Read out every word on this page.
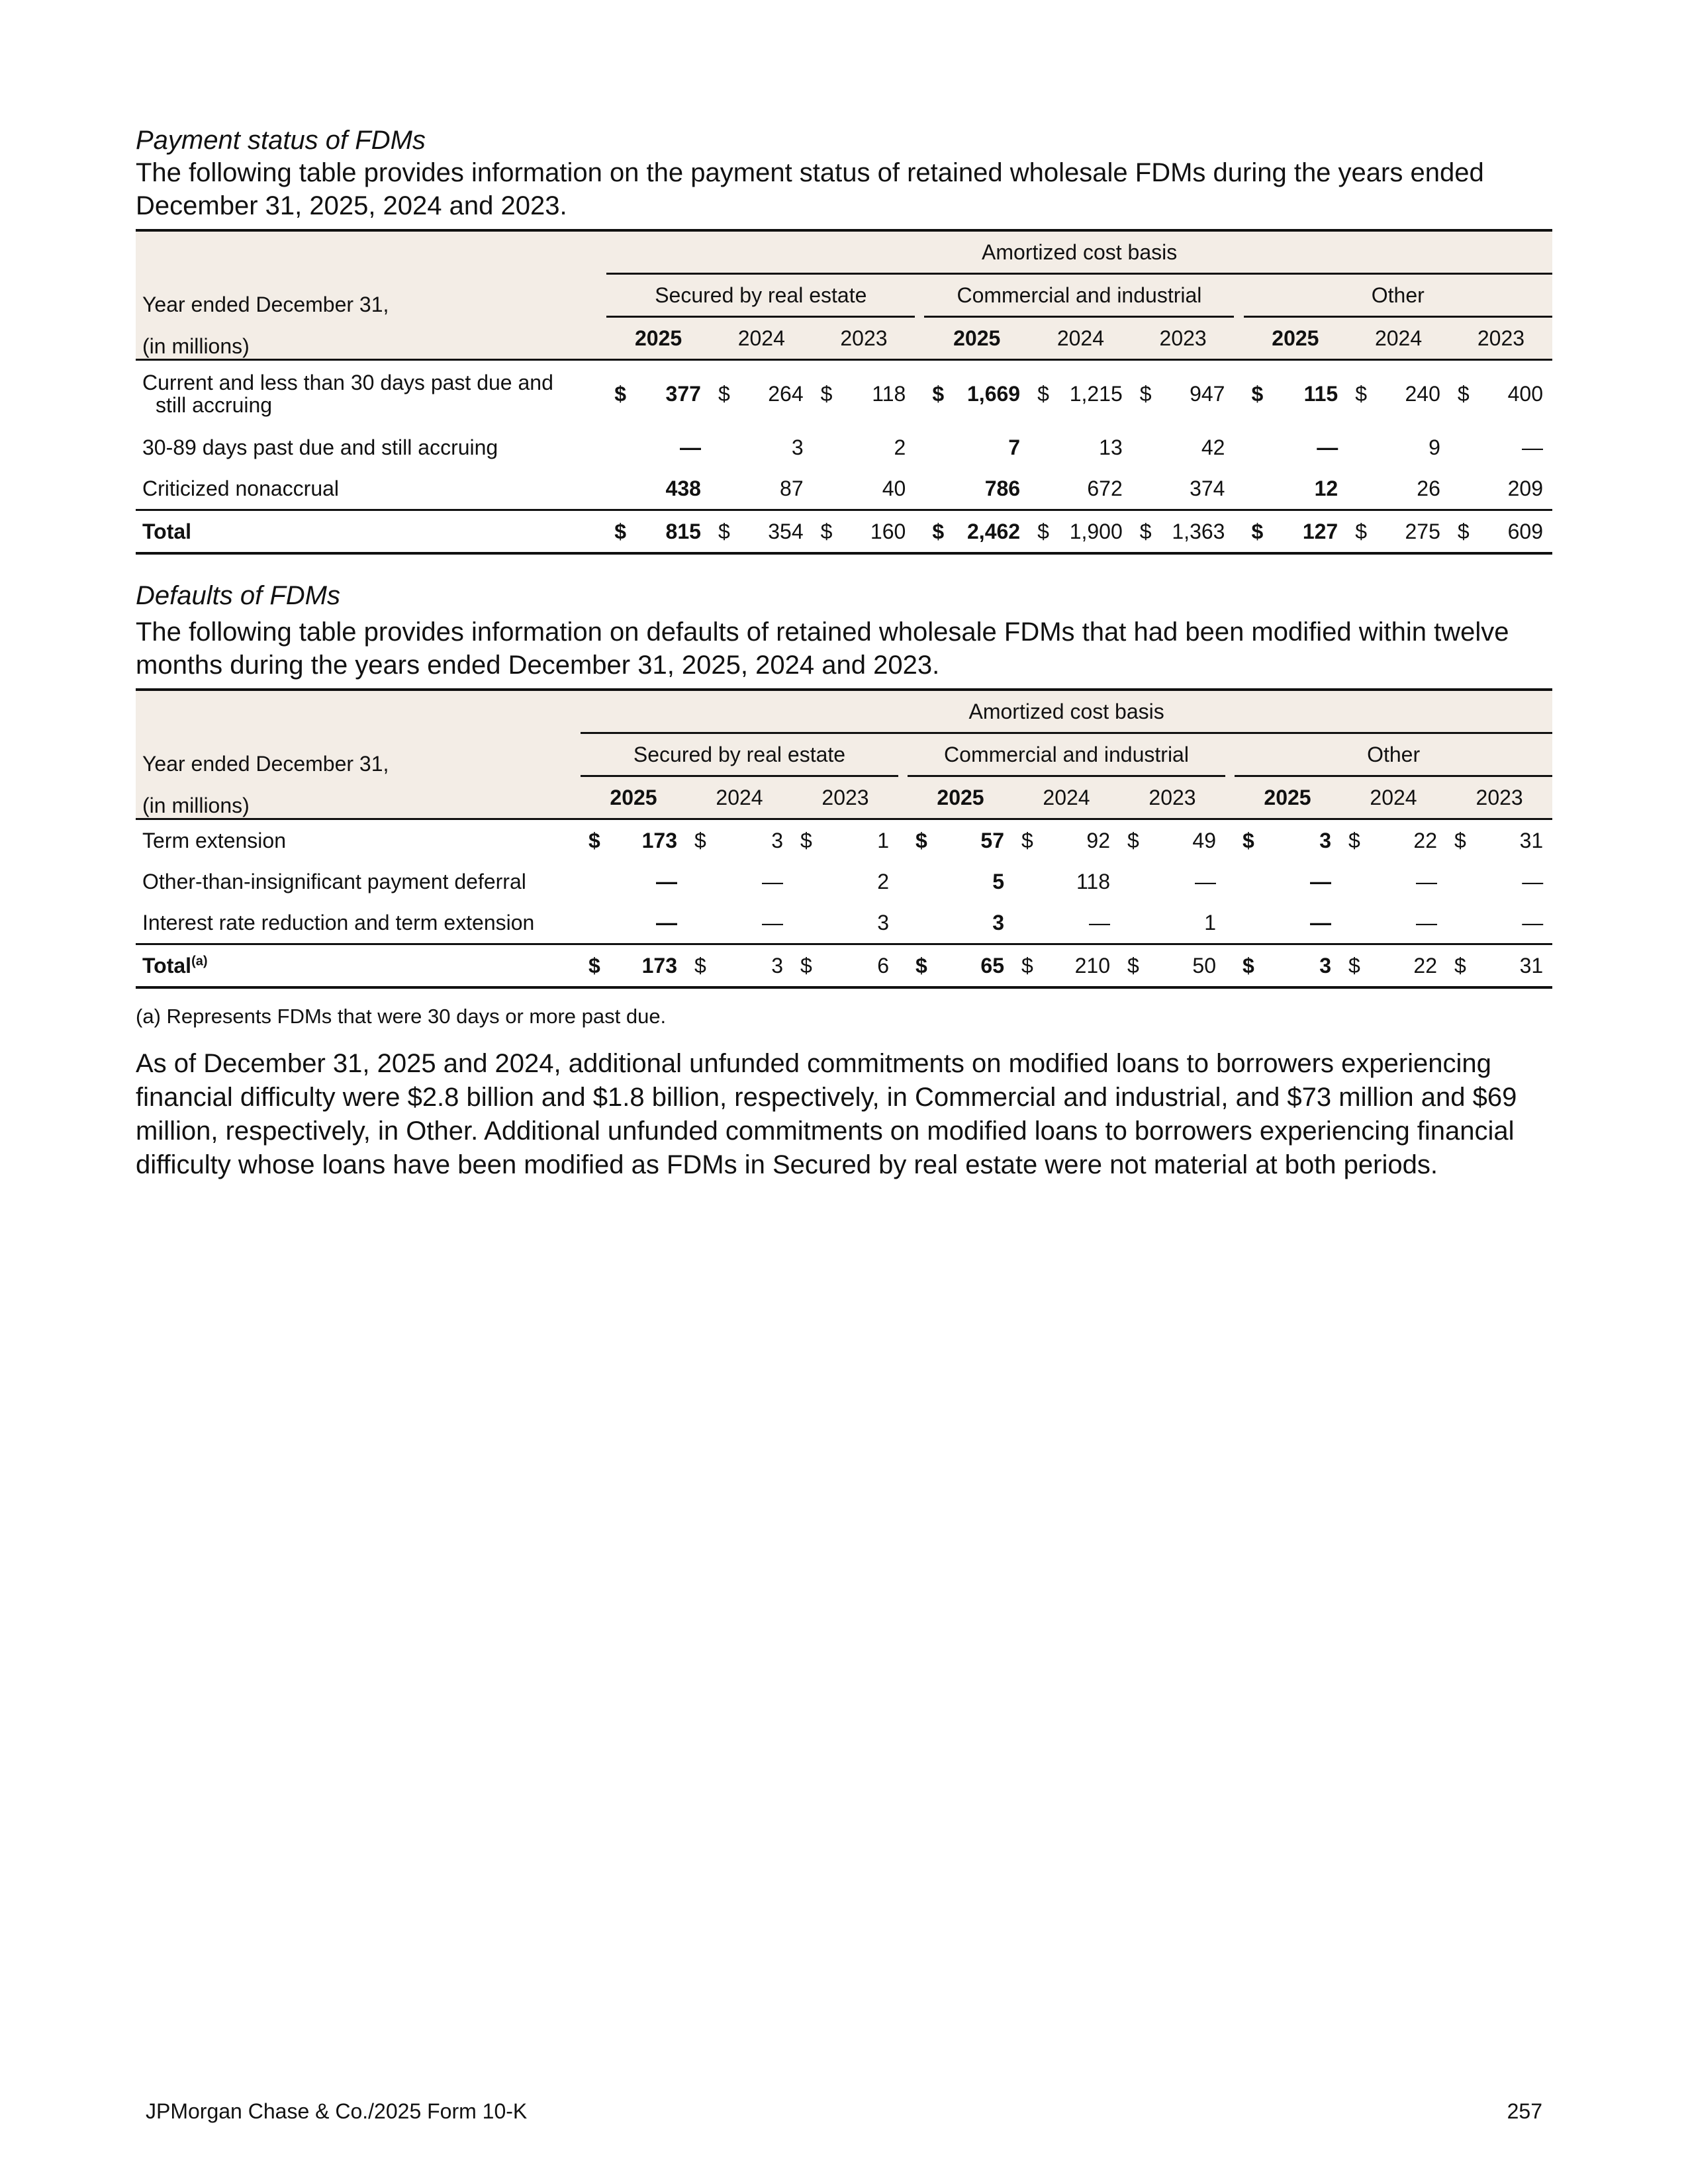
Payment status of FDMs

The following table provides information on the payment status of retained wholesale FDMs during the years ended December 31, 2025, 2024 and 2023.

	Amortized cost basis																			
Year ended December 31,	Secured by real estate							Commercial and industrial							Other					
(in millions)	2025		2024		2023			2025		2024		2023			2025		2024		2023	
Current and less than 30 days past due and
still accruing	$	377	$	264	$	118		$	1,669	$	1,215	$	947		$	115	$	240	$	400
30-89 days past due and still accruing		—		3		2			7		13		42			—		9		—
Criticized nonaccrual		438		87		40			786		672		374			12		26		209
Total	$	815	$	354	$	160		$	2,462	$	1,900	$	1,363		$	127	$	275	$	609

Defaults of FDMs

The following table provides information on defaults of retained wholesale FDMs that had been modified within twelve months during the years ended December 31, 2025, 2024 and 2023.

	Amortized cost basis																			
Year ended December 31,	Secured by real estate							Commercial and industrial							Other					
(in millions)	2025		2024		2023			2025		2024		2023			2025		2024		2023	
Term extension	$	173	$	3	$	1		$	57	$	92	$	49		$	3	$	22	$	31
Other-than-insignificant payment deferral		—		—		2			5		118		—			—		—		—
Interest rate reduction and term extension		—		—		3			3		—		1			—		—		—
Total$^{(a)}$	$	173	$	3	$	6		$	65	$	210	$	50		$	3	$	22	$	31

(a) Represents FDMs that were 30 days or more past due.

As of December 31, 2025 and 2024, additional unfunded commitments on modified loans to borrowers experiencing financial difficulty were $2.8 billion and $1.8 billion, respectively, in Commercial and industrial, and $73 million and $69 million, respectively, in Other. Additional unfunded commitments on modified loans to borrowers experiencing financial difficulty whose loans have been modified as FDMs in Secured by real estate were not material at both periods.

JPMorgan Chase & Co./2025 Form 10-K	257
